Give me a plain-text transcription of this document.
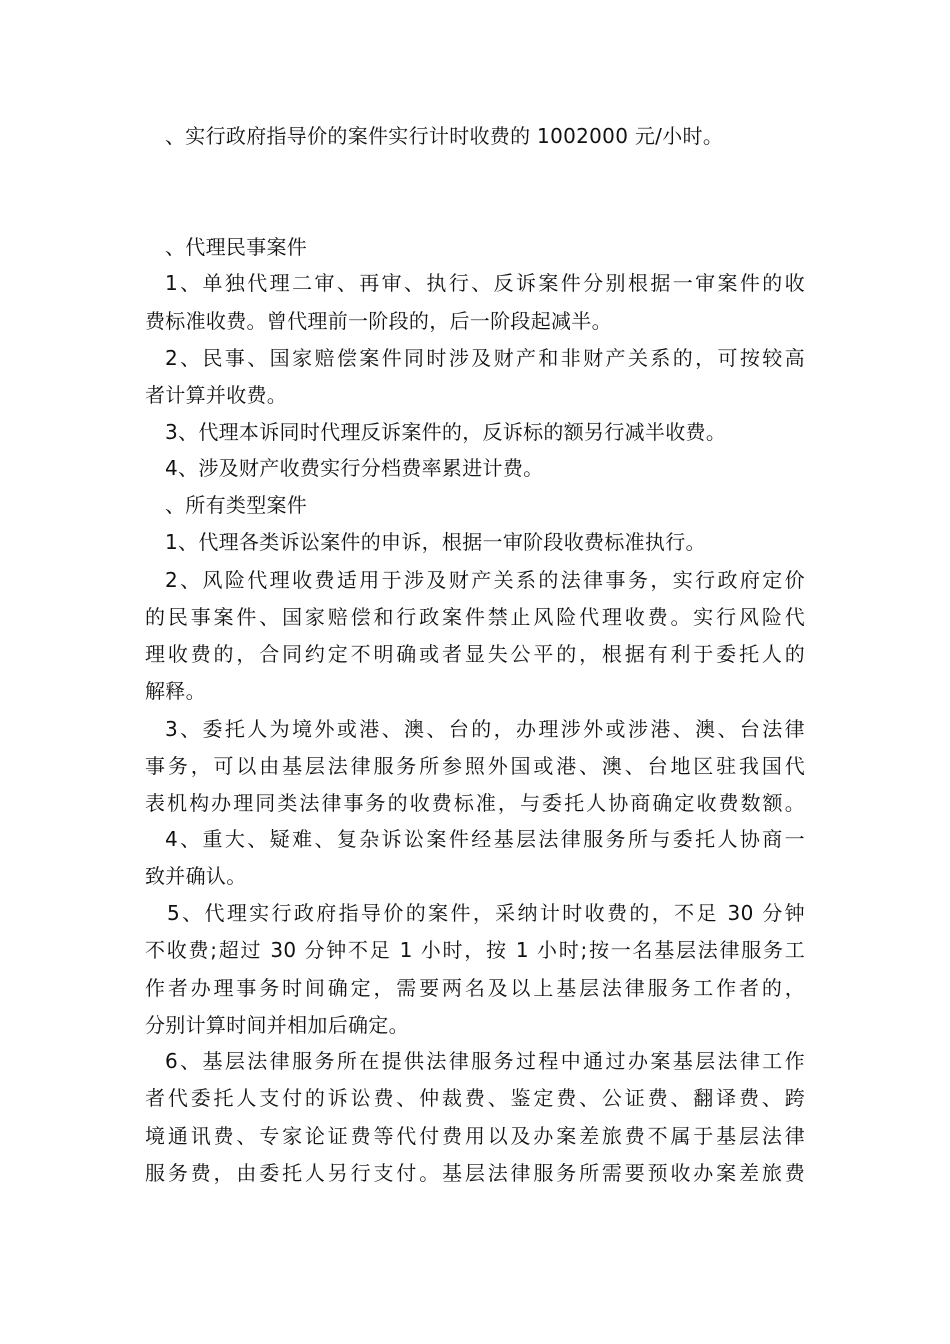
、实行政府指导价的案件实行计时收费的 1002000 元/小时。
、代理民事案件
1、单独代理二审、再审、执行、反诉案件分别根据一审案件的收
费标准收费。曾代理前一阶段的，后一阶段起减半。
2、民事、国家赔偿案件同时涉及财产和非财产关系的，可按较高
者计算并收费。
3、代理本诉同时代理反诉案件的，反诉标的额另行减半收费。
4、涉及财产收费实行分档费率累进计费。
、所有类型案件
1、代理各类诉讼案件的申诉，根据一审阶段收费标准执行。
2、风险代理收费适用于涉及财产关系的法律事务，实行政府定价
的民事案件、国家赔偿和行政案件禁止风险代理收费。实行风险代
理收费的，合同约定不明确或者显失公平的，根据有利于委托人的
解释。
3、委托人为境外或港、澳、台的，办理涉外或涉港、澳、台法律
事务，可以由基层法律服务所参照外国或港、澳、台地区驻我国代
表机构办理同类法律事务的收费标准，与委托人协商确定收费数额。
4、重大、疑难、复杂诉讼案件经基层法律服务所与委托人协商一
致并确认。
5、代理实行政府指导价的案件，采纳计时收费的，不足 30 分钟
不收费;超过 30 分钟不足 1 小时，按 1 小时;按一名基层法律服务工
作者办理事务时间确定，需要两名及以上基层法律服务工作者的，
分别计算时间并相加后确定。
6、基层法律服务所在提供法律服务过程中通过办案基层法律工作
者代委托人支付的诉讼费、仲裁费、鉴定费、公证费、翻译费、跨
境通讯费、专家论证费等代付费用以及办案差旅费不属于基层法律
服务费，由委托人另行支付。基层法律服务所需要预收办案差旅费
